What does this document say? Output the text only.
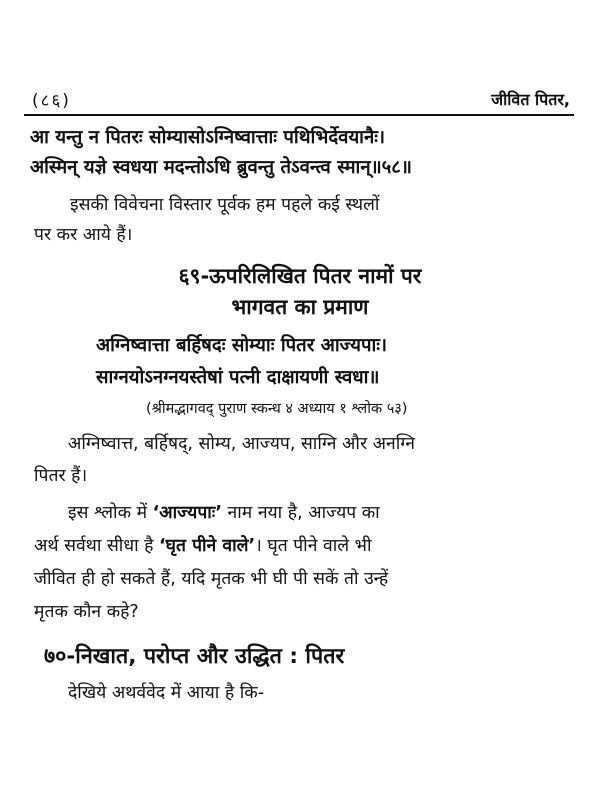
(८६)	जीवित पितर,
आ यन्तु न पितरः सोम्यासोऽग्निष्वात्ताः पथिभिर्देवयानैः।
अस्मिन् यज्ञे स्वधया मदन्तोऽधि ब्रुवन्तु तेऽवन्त्व स्मान्॥५८॥
इसकी विवेचना विस्तार पूर्वक हम पहले कई स्थलों
पर कर आये हैं।
६९-ऊपरिलिखित पितर नामों पर
भागवत का प्रमाण
अग्निष्वात्ता बर्हिषदः सोम्याः पितर आज्यपाः।
साग्नयोऽनग्नयस्तेषां पत्नी दाक्षायणी स्वधा॥
(श्रीमद्भागवद् पुराण स्कन्ध ४ अध्याय १ श्लोक ५३)
अग्निष्वात्त, बर्हिषद्, सोम्य, आज्यप, साग्नि और अनग्नि
पितर हैं।
इस श्लोक में ‘आज्यपाः’ नाम नया है, आज्यप का
अर्थ सर्वथा सीधा है ‘घृत पीने वाले’। घृत पीने वाले भी
जीवित ही हो सकते हैं, यदि मृतक भी घी पी सकें तो उन्हें
मृतक कौन कहे?
७०-निखात, परोप्त और उद्धित : पितर
देखिये अथर्ववेद में आया है कि-
